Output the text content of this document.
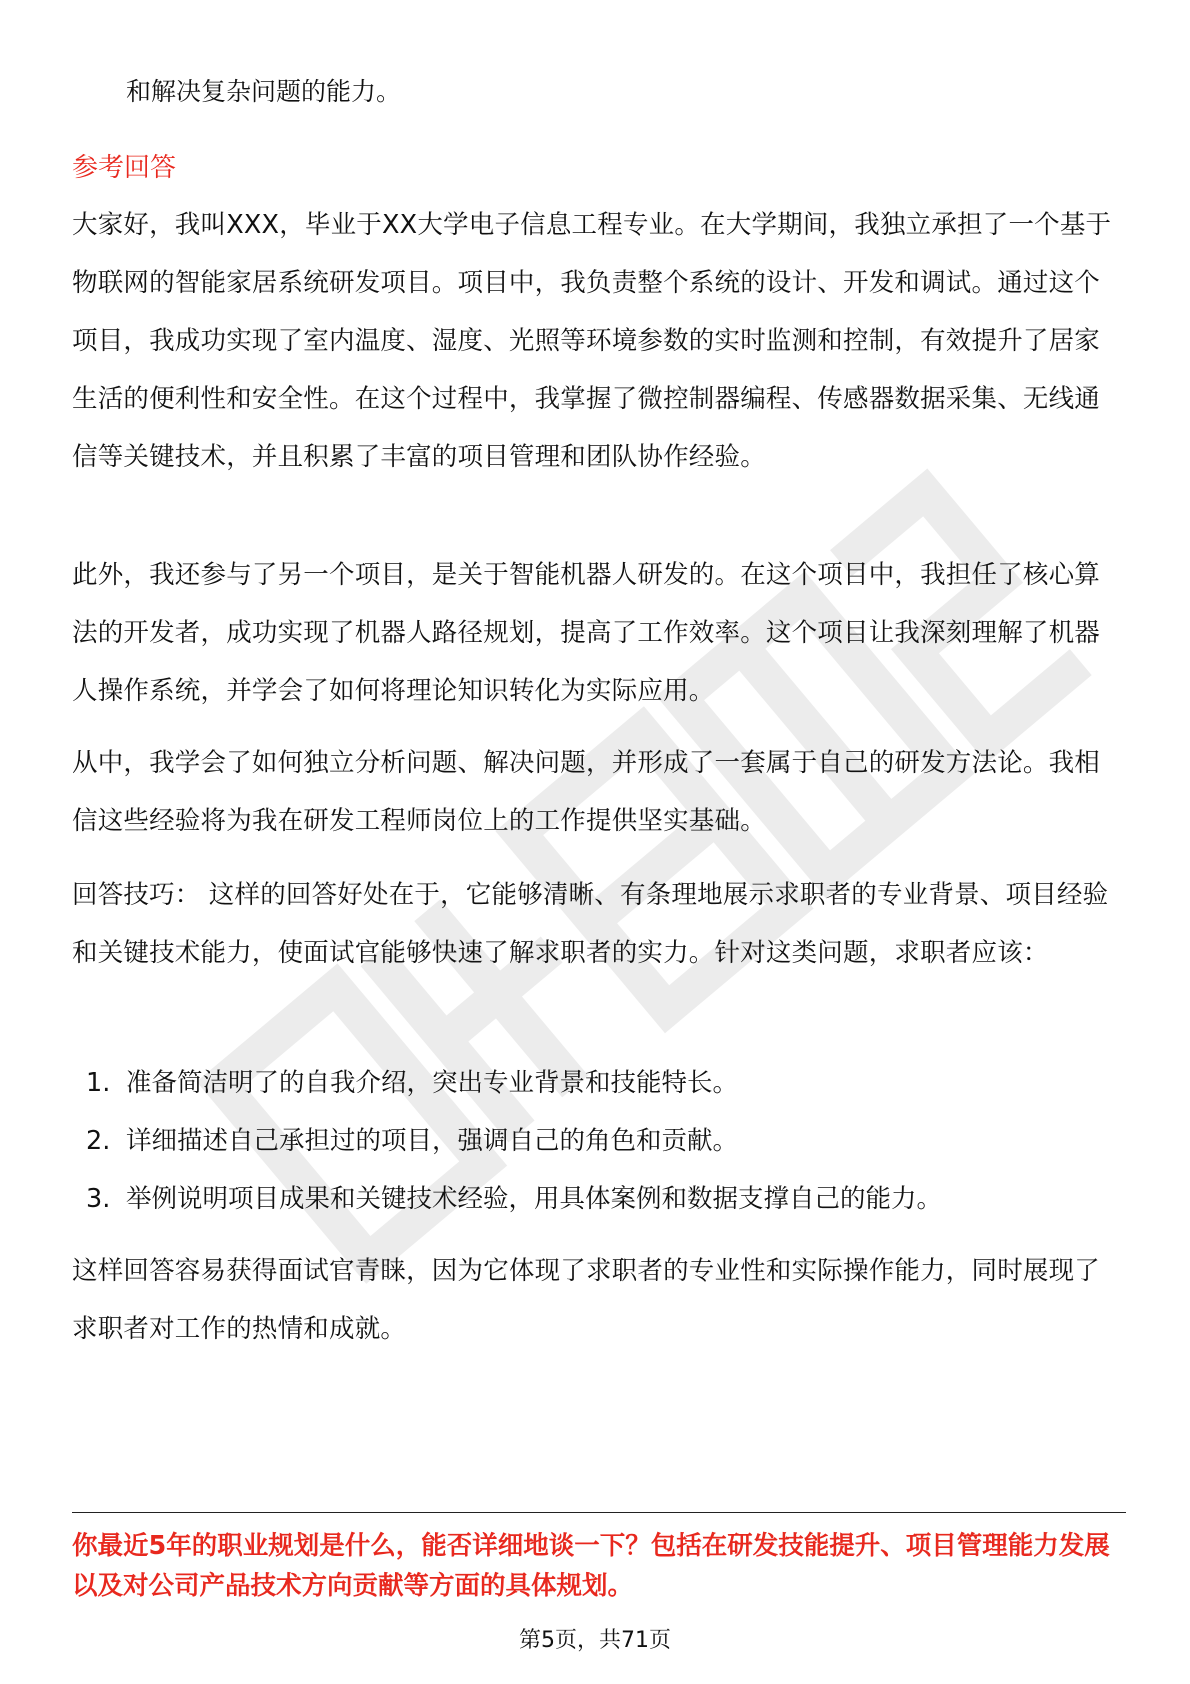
和解决复杂问题的能力。

参考回答

大家好，我叫XXX，毕业于XX大学电子信息工程专业。在大学期间，我独立承担了一个基于物联网的智能家居系统研发项目。项目中，我负责整个系统的设计、开发和调试。通过这个项目，我成功实现了室内温度、湿度、光照等环境参数的实时监测和控制，有效提升了居家生活的便利性和安全性。在这个过程中，我掌握了微控制器编程、传感器数据采集、无线通信等关键技术，并且积累了丰富的项目管理和团队协作经验。

此外，我还参与了另一个项目，是关于智能机器人研发的。在这个项目中，我担任了核心算法的开发者，成功实现了机器人路径规划，提高了工作效率。这个项目让我深刻理解了机器人操作系统，并学会了如何将理论知识转化为实际应用。

从中，我学会了如何独立分析问题、解决问题，并形成了一套属于自己的研发方法论。我相信这些经验将为我在研发工程师岗位上的工作提供坚实基础。

回答技巧： 这样的回答好处在于，它能够清晰、有条理地展示求职者的专业背景、项目经验和关键技术能力，使面试官能够快速了解求职者的实力。针对这类问题，求职者应该：

1. 准备简洁明了的自我介绍，突出专业背景和技能特长。
2. 详细描述自己承担过的项目，强调自己的角色和贡献。
3. 举例说明项目成果和关键技术经验，用具体案例和数据支撑自己的能力。

这样回答容易获得面试官青睐，因为它体现了求职者的专业性和实际操作能力，同时展现了求职者对工作的热情和成就。

你最近5年的职业规划是什么，能否详细地谈一下？包括在研发技能提升、项目管理能力发展以及对公司产品技术方向贡献等方面的具体规划。

第5页，共71页
